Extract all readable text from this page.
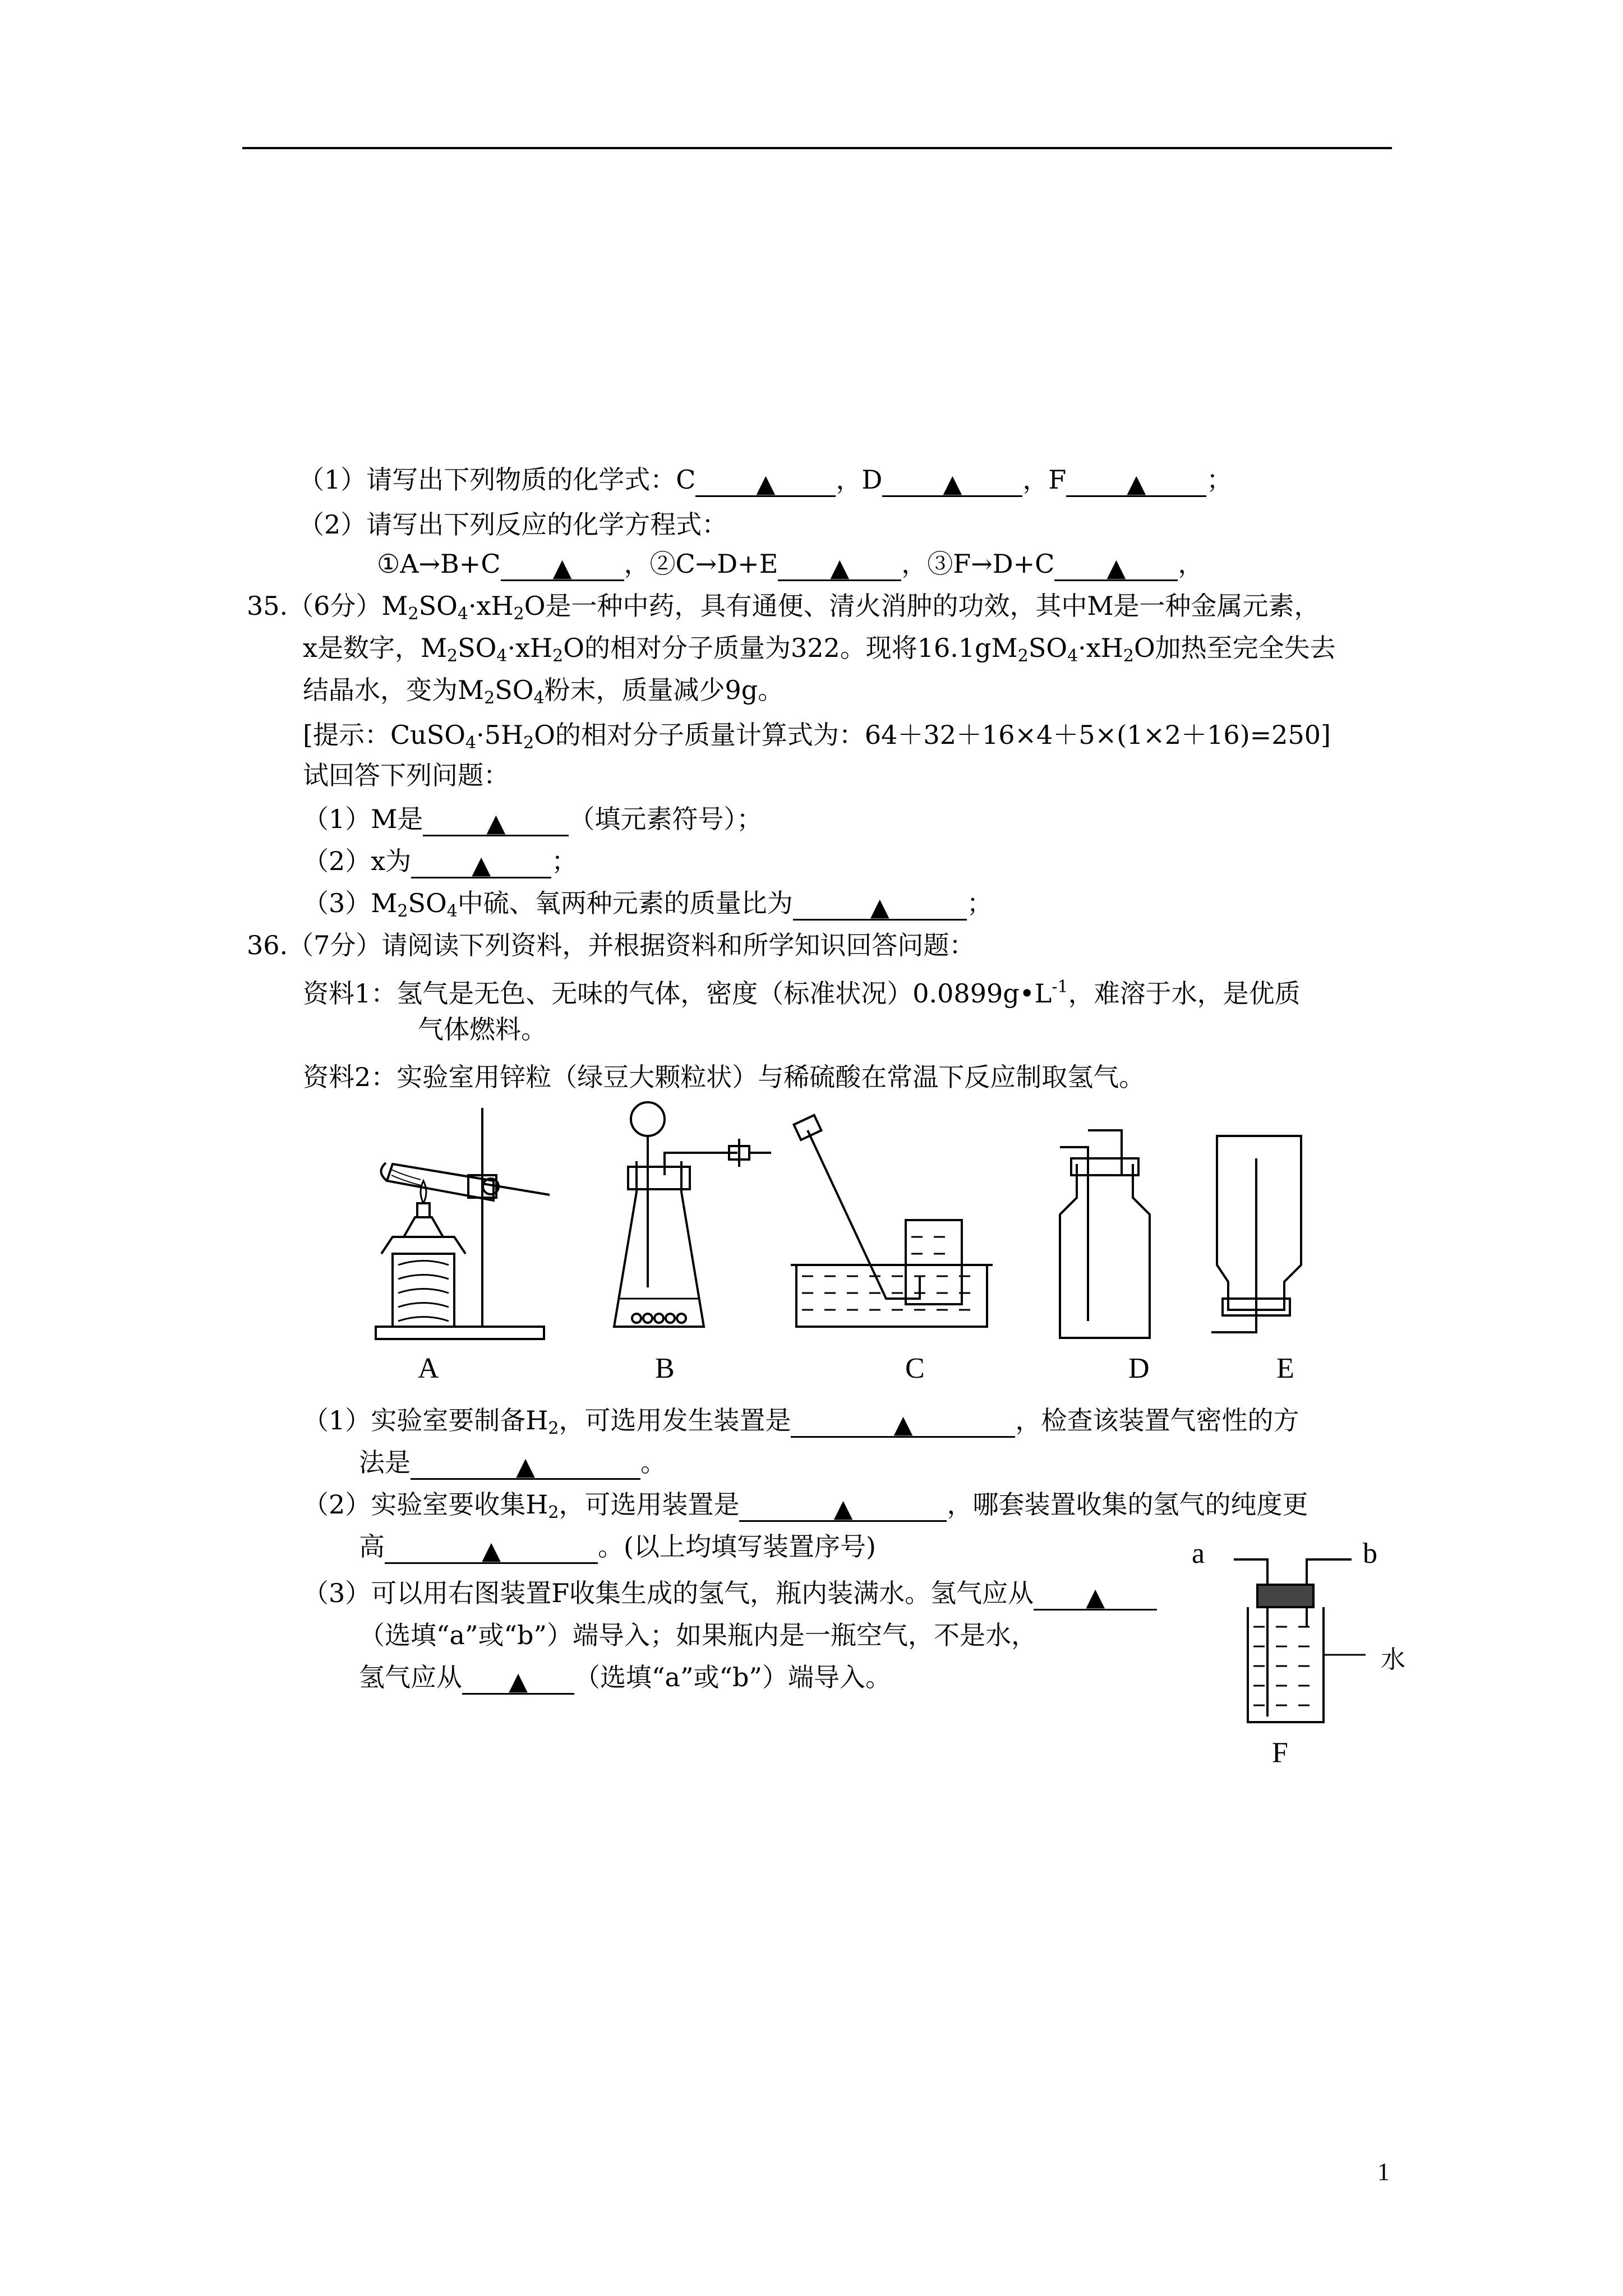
（1）请写出下列物质的化学式：C ▲ ，D ▲ ，F ▲ ；
（2）请写出下列反应的化学方程式：
①A→B+C ▲ ，②C→D+E ▲ ，③F→D+C ▲ ，
35.（6分）$M_2SO_4\cdot xH_2O$是一种中药，具有通便、清火消肿的功效，其中M是一种金属元素，
x是数字，$M_2SO_4\cdot xH_2O$的相对分子质量为322。现将$16.1gM_2SO_4\cdot xH_2O$加热至完全失去
结晶水，变为$M_2SO_4$粉末，质量减少9g。
[提示：$CuSO_4\cdot 5H_2O$的相对分子质量计算式为：64＋32＋16×4＋5×(1×2＋16)=250]
试回答下列问题：
（1）M是	▲ （填元素符号）；
（2）x为 ▲ ；
$(3)M_2SO_4$中硫、氧两种元素的质量比为	▲	；
36.（7分）请阅读下列资料，并根据资料和所学知识回答问题：
资料1：氢气是无色、无味的气体，密度（标准状况）$0.0899g•L^{-1}$，难溶于水，是优质
气体燃料。
资料2：实验室用锌粒（绿豆大颗粒状）与稀硫酸在常温下反应制取氢气。
A	B	C	D	E
（1）实验室要制备$H_2$，可选用发生装置是	▲	，检查该装置气密性的方
法是	▲	。
（2）实验室要收集$H_2$，可选用装置是	▲	，哪套装置收集的氢气的纯度更
高	▲	。(以上均填写装置序号)
（3）可以用右图装置F收集生成的氢气，瓶内装满水。氢气应从 ▲
（选填“a”或“b”）端导入；如果瓶内是一瓶空气，不是水，
氢气应从 ▲ （选填“a”或“b”）端导入。
a	b
水
F
1
